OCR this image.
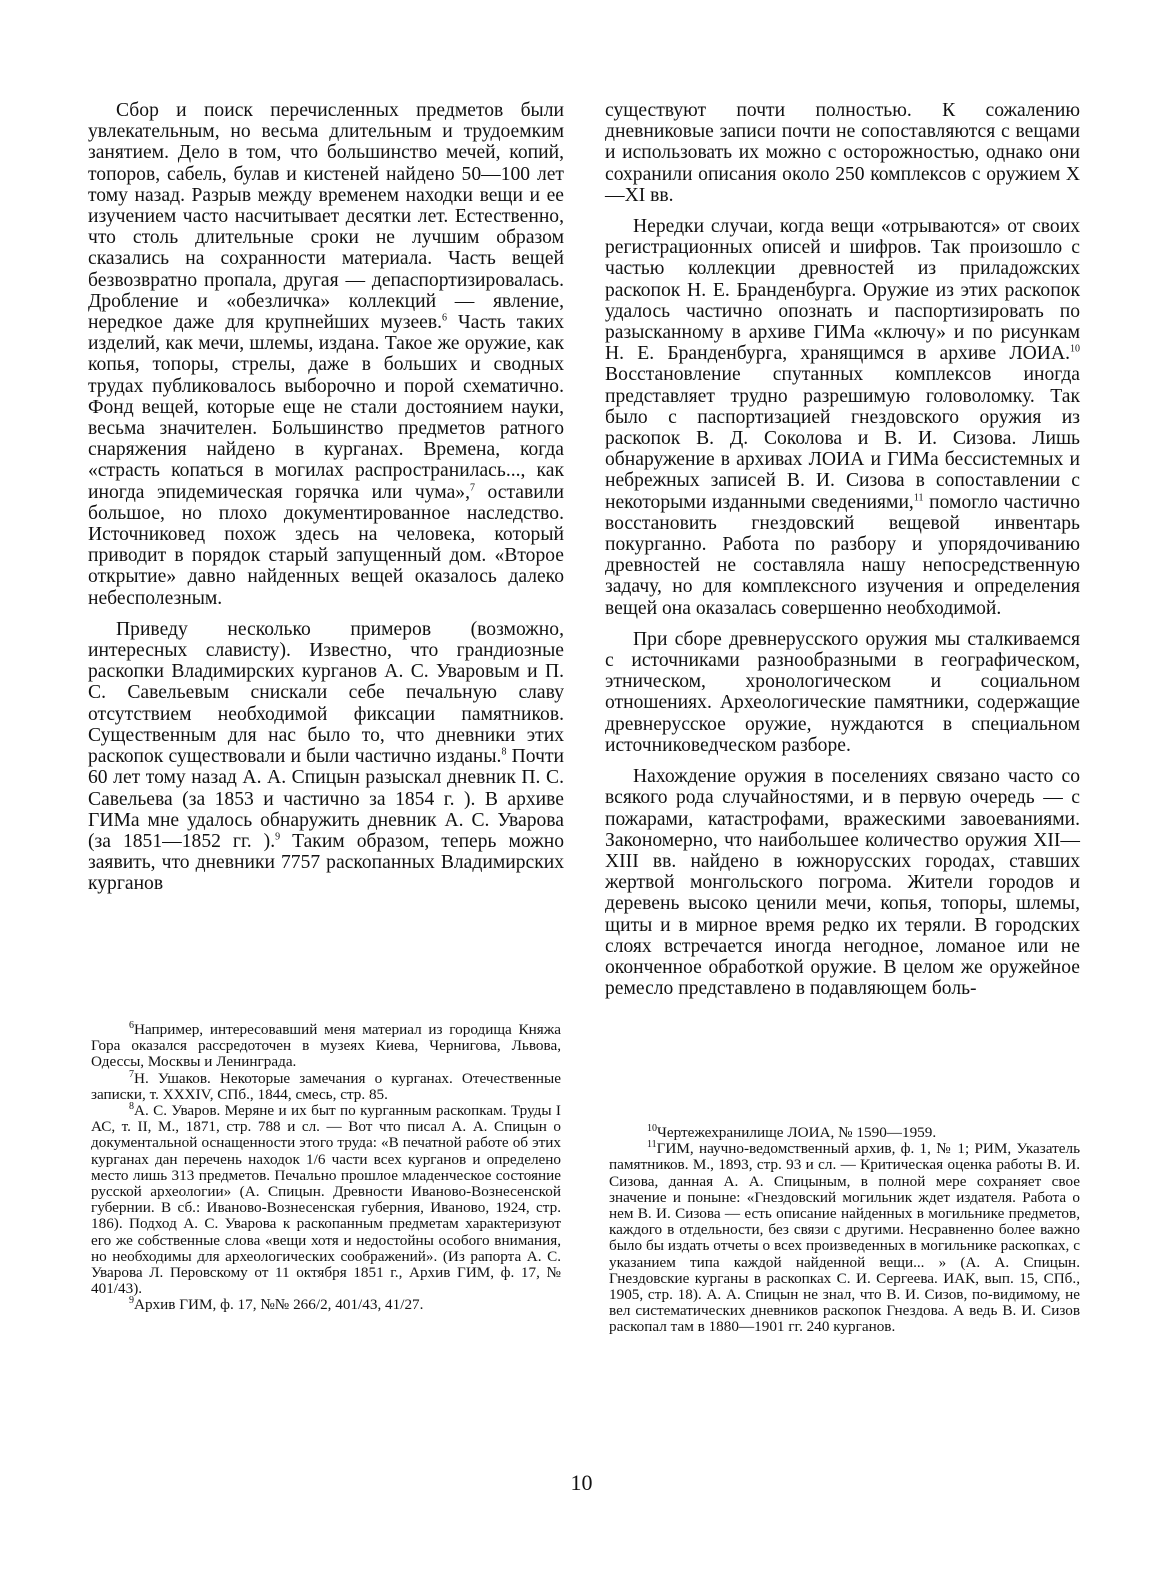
Сбор и поиск перечисленных предметов были увлекательным, но весьма длительным и трудоемким занятием. Дело в том, что большинство мечей, копий, топоров, сабель, булав и кистеней найдено 50—100 лет тому назад. Разрыв между временем находки вещи и ее изучением часто насчитывает десятки лет. Естественно, что столь длительные сроки не лучшим образом сказались на сохранности материала. Часть вещей безвозвратно пропала, другая — депаспортизировалась. Дробление и «обезличка» коллекций — явление, нередкое даже для крупнейших музеев.$^6$ Часть таких изделий, как мечи, шлемы, издана. Такое же оружие, как копья, топоры, стрелы, даже в больших и сводных трудах публиковалось выборочно и порой схематично. Фонд вещей, которые еще не стали достоянием науки, весьма значителен. Большинство предметов ратного снаряжения найдено в курганах. Времена, когда «страсть копаться в могилах распространилась..., как иногда эпидемическая горячка или чума»,$^7$ оставили большое, но плохо документированное наследство. Источниковед похож здесь на человека, который приводит в порядок старый запущенный дом. «Второе открытие» давно найденных вещей оказалось далеко небесполезным.

Приведу несколько примеров (возможно, интересных слависту). Известно, что грандиозные раскопки Владимирских курганов А. С. Уваровым и П. С. Савельевым снискали себе печальную славу отсутствием необходимой фиксации памятников. Существенным для нас было то, что дневники этих раскопок существовали и были частично изданы.$^8$ Почти 60 лет тому назад А. А. Спицын разыскал дневник П. С. Савельева (за 1853 и частично за 1854 г. ). В архиве ГИМа мне удалось обнаружить дневник А. С. Уварова (за 1851—1852 гг. ).$^9$ Таким образом, теперь можно заявить, что дневники 7757 раскопанных Владимирских курганов

существуют почти полностью. К сожалению дневниковые записи почти не сопоставляются с вещами и использовать их можно с осторожностью, однако они сохранили описания около 250 комплексов с оружием X—XI вв.

Нередки случаи, когда вещи «отрываются» от своих регистрационных описей и шифров. Так произошло с частью коллекции древностей из приладожских раскопок Н. Е. Бранденбурга. Оружие из этих раскопок удалось частично опознать и паспортизировать по разысканному в архиве ГИМа «ключу» и по рисункам Н. Е. Бранденбурга, хранящимся в архиве ЛОИА.$^{10}$ Восстановление спутанных комплексов иногда представляет трудно разрешимую головоломку. Так было с паспортизацией гнездовского оружия из раскопок В. Д. Соколова и В. И. Сизова. Лишь обнаружение в архивах ЛОИА и ГИМа бессистемных и небрежных записей В. И. Сизова в сопоставлении с некоторыми изданными сведениями,$^{11}$ помогло частично восстановить гнездовский вещевой инвентарь покурганно. Работа по разбору и упорядочиванию древностей не составляла нашу непосредственную задачу, но для комплексного изучения и определения вещей она оказалась совершенно необходимой.

При сборе древнерусского оружия мы сталкиваемся с источниками разнообразными в географическом, этническом, хронологическом и социальном отношениях. Археологические памятники, содержащие древнерусское оружие, нуждаются в специальном источниковедческом разборе.

Нахождение оружия в поселениях связано часто со всякого рода случайностями, и в первую очередь — с пожарами, катастрофами, вражескими завоеваниями. Закономерно, что наибольшее количество оружия XII—XIII вв. найдено в южнорусских городах, ставших жертвой монгольского погрома. Жители городов и деревень высоко ценили мечи, копья, топоры, шлемы, щиты и в мирное время редко их теряли. В городских слоях встречается иногда негодное, ломаное или не оконченное обработкой оружие. В целом же оружейное ремесло представлено в подавляющем боль-

$^6$Например, интересовавший меня материал из городища Княжа Гора оказался рассредоточен в музеях Киева, Чернигова, Львова, Одессы, Москвы и Ленинграда.

$^7$Н. Ушаков. Некоторые замечания о курганах. Отечественные записки, т. XXXIV, СПб., 1844, смесь, стр. 85.

$^8$А. С. Уваров. Меряне и их быт по курганным раскопкам. Труды I АС, т. II, М., 1871, стр. 788 и сл. — Вот что писал А. А. Спицын о документальной оснащенности этого труда: «В печатной работе об этих курганах дан перечень находок 1/6 части всех курганов и определено место лишь 313 предметов. Печально прошлое младенческое состояние русской археологии» (А. Спицын. Древности Иваново-Вознесенской губернии. В сб.: Иваново-Вознесенская губерния, Иваново, 1924, стр. 186). Подход А. С. Уварова к раскопанным предметам характеризуют его же собственные слова «вещи хотя и недостойны особого внимания, но необходимы для археологических соображений». (Из рапорта А. С. Уварова Л. Перовскому от 11 октября 1851 г., Архив ГИМ, ф. 17, № 401/43).

$^9$Архив ГИМ, ф. 17, №№ 266/2, 401/43, 41/27.

$^{10}$Чертежехранилище ЛОИА, № 1590—1959.

$^{11}$ГИМ, научно-ведомственный архив, ф. 1, № 1; РИМ, Указатель памятников. М., 1893, стр. 93 и сл. — Критическая оценка работы В. И. Сизова, данная А. А. Спицыным, в полной мере сохраняет свое значение и поныне: «Гнездовский могильник ждет издателя. Работа о нем В. И. Сизова — есть описание найденных в могильнике предметов, каждого в отдельности, без связи с другими. Несравненно более важно было бы издать отчеты о всех произведенных в могильнике раскопках, с указанием типа каждой найденной вещи... » (А. А. Спицын. Гнездовские курганы в раскопках С. И. Сергеева. ИАК, вып. 15, СПб., 1905, стр. 18). А. А. Спицын не знал, что В. И. Сизов, по-видимому, не вел систематических дневников раскопок Гнездова. А ведь В. И. Сизов раскопал там в 1880—1901 гг. 240 курганов.

10
